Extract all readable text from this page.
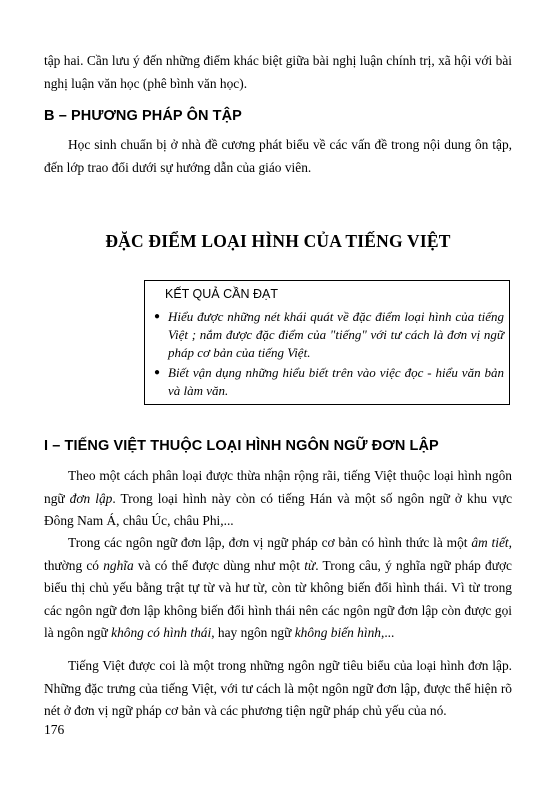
tập hai. Cần lưu ý đến những điểm khác biệt giữa bài nghị luận chính trị, xã hội với bài nghị luận văn học (phê bình văn học).

B – PHƯƠNG PHÁP ÔN TẬP

Học sinh chuẩn bị ở nhà đề cương phát biểu về các vấn đề trong nội dung ôn tập, đến lớp trao đổi dưới sự hướng dẫn của giáo viên.

ĐẶC ĐIỂM LOẠI HÌNH CỦA TIẾNG VIỆT
KẾT QUẢ CẦN ĐẠT
● Hiểu được những nét khái quát về đặc điểm loại hình của tiếng Việt ; nắm được đặc điểm của "tiếng" với tư cách là đơn vị ngữ pháp cơ bản của tiếng Việt.
● Biết vận dụng những hiểu biết trên vào việc đọc - hiểu văn bản và làm văn.
I – TIẾNG VIỆT THUỘC LOẠI HÌNH NGÔN NGỮ ĐƠN LẬP

Theo một cách phân loại được thừa nhận rộng rãi, tiếng Việt thuộc loại hình ngôn ngữ đơn lập. Trong loại hình này còn có tiếng Hán và một số ngôn ngữ ở khu vực Đông Nam Á, châu Úc, châu Phi,...

Trong các ngôn ngữ đơn lập, đơn vị ngữ pháp cơ bản có hình thức là một âm tiết, thường có nghĩa và có thể được dùng như một từ. Trong câu, ý nghĩa ngữ pháp được biểu thị chủ yếu bằng trật tự từ và hư từ, còn từ không biến đổi hình thái. Vì từ trong các ngôn ngữ đơn lập không biến đổi hình thái nên các ngôn ngữ đơn lập còn được gọi là ngôn ngữ không có hình thái, hay ngôn ngữ không biến hình,...

Tiếng Việt được coi là một trong những ngôn ngữ tiêu biểu của loại hình đơn lập. Những đặc trưng của tiếng Việt, với tư cách là một ngôn ngữ đơn lập, được thể hiện rõ nét ở đơn vị ngữ pháp cơ bản và các phương tiện ngữ pháp chủ yếu của nó.

176
